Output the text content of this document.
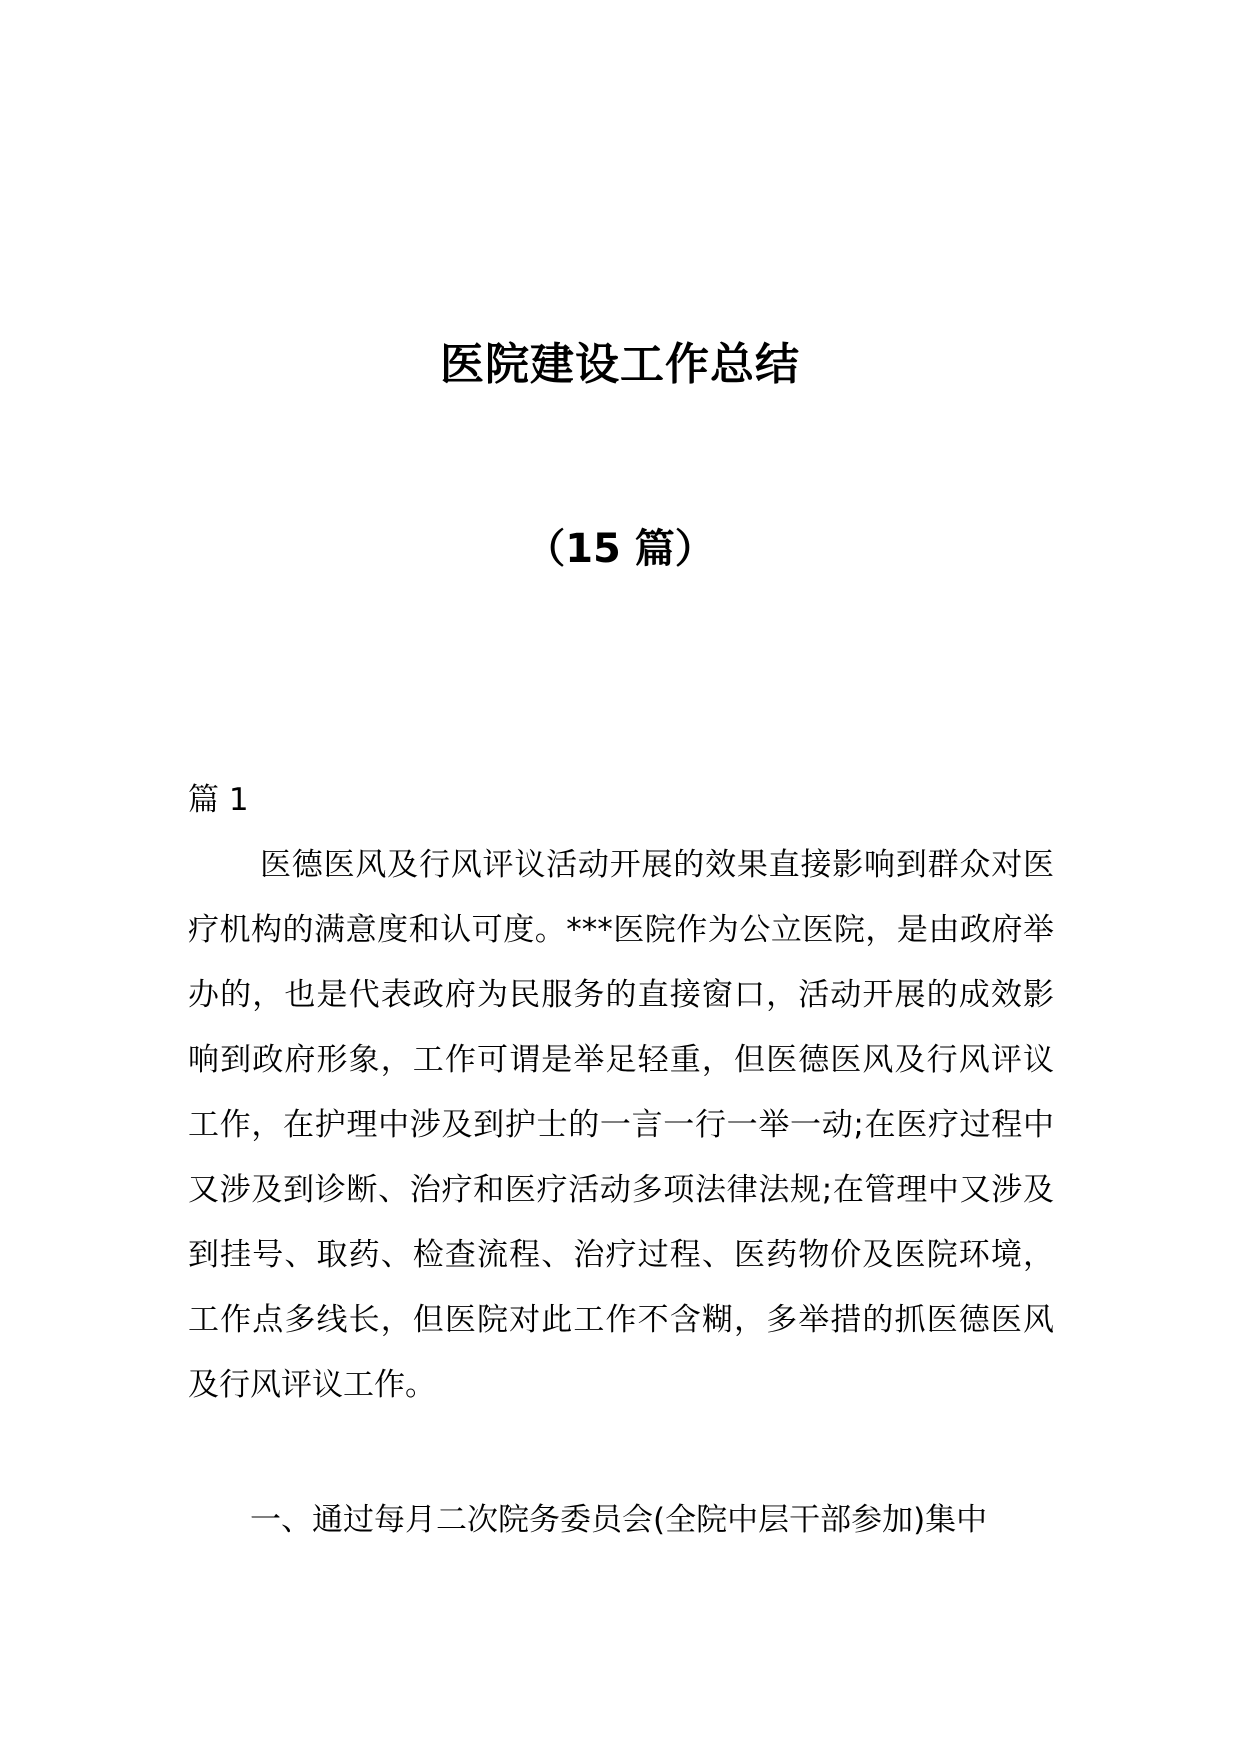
医院建设工作总结
（15 篇）
篇 1
医德医风及行风评议活动开展的效果直接影响到群众对医疗机构的满意度和认可度。***医院作为公立医院，是由政府举办的，也是代表政府为民服务的直接窗口，活动开展的成效影响到政府形象，工作可谓是举足轻重，但医德医风及行风评议工作，在护理中涉及到护士的一言一行一举一动;在医疗过程中又涉及到诊断、治疗和医疗活动多项法律法规;在管理中又涉及到挂号、取药、检查流程、治疗过程、医药物价及医院环境，工作点多线长，但医院对此工作不含糊，多举措的抓医德医风及行风评议工作。
一、通过每月二次院务委员会(全院中层干部参加)集中
